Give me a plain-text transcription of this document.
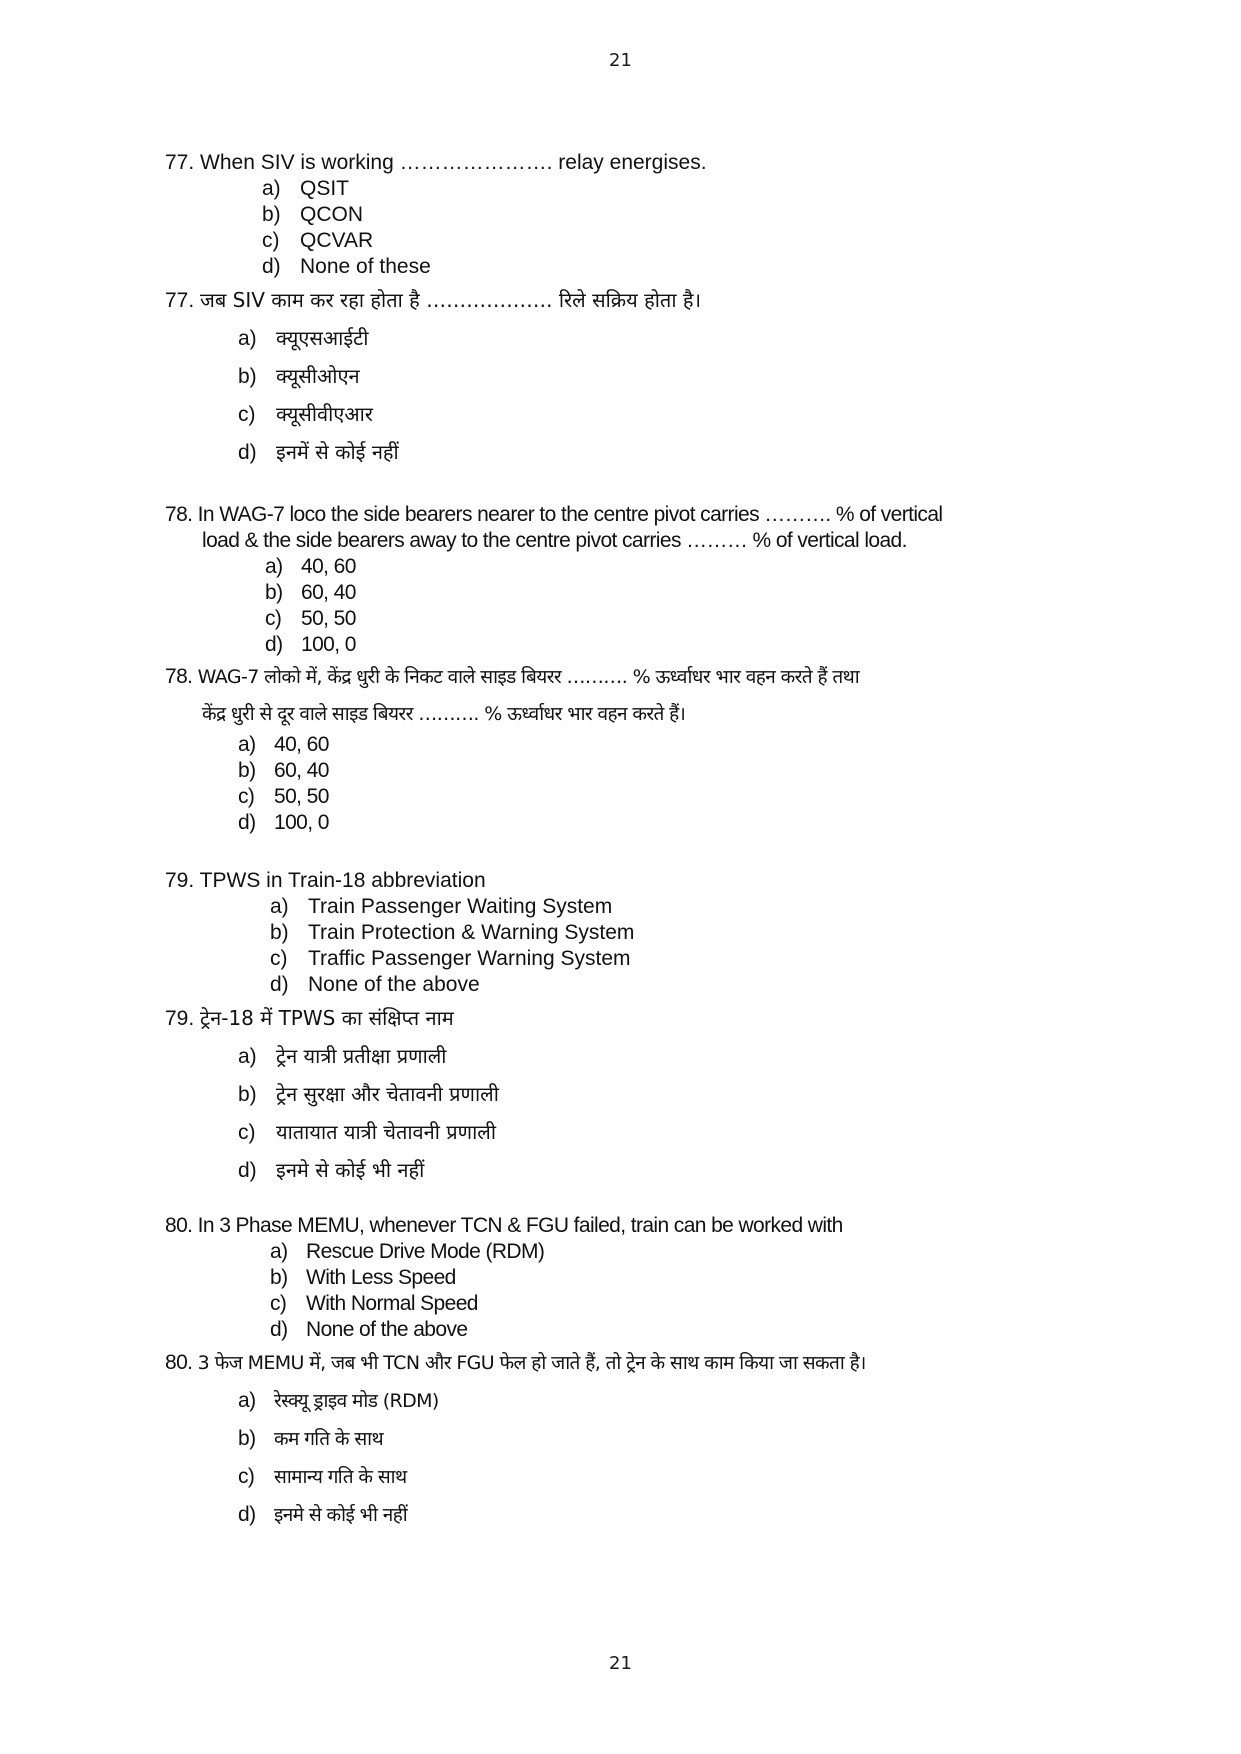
21
77. When SIV is working …………………. relay energises.
a) QSIT
b) QCON
c) QCVAR
d) None of these
77. जब SIV काम कर रहा होता है ………………. रिले सक्रिय होता है।
a) क्यूएसआईटी
b) क्यूसीओएन
c) क्यूसीवीएआर
d) इनमें से कोई नहीं
78. In WAG-7 loco the side bearers nearer to the centre pivot carries ………. % of vertical
load & the side bearers away to the centre pivot carries ……… % of vertical load.
a) 40, 60
b) 60, 40
c) 50, 50
d) 100, 0
78. WAG-7 लोको में, केंद्र धुरी के निकट वाले साइड बियरर ………. % ऊर्ध्वाधर भार वहन करते हैं तथा
केंद्र धुरी से दूर वाले साइड बियरर ………. % ऊर्ध्वाधर भार वहन करते हैं।
a) 40, 60
b) 60, 40
c) 50, 50
d) 100, 0
79. TPWS in Train-18 abbreviation
a) Train Passenger Waiting System
b) Train Protection & Warning System
c) Traffic Passenger Warning System
d) None of the above
79. ट्रेन-18 में TPWS का संक्षिप्त नाम
a) ट्रेन यात्री प्रतीक्षा प्रणाली
b) ट्रेन सुरक्षा और चेतावनी प्रणाली
c) यातायात यात्री चेतावनी प्रणाली
d) इनमे से कोई भी नहीं
80. In 3 Phase MEMU, whenever TCN & FGU failed, train can be worked with
a) Rescue Drive Mode (RDM)
b) With Less Speed
c) With Normal Speed
d) None of the above
80. 3 फेज MEMU में, जब भी TCN और FGU फेल हो जाते हैं, तो ट्रेन के साथ काम किया जा सकता है।
a) रेस्क्यू ड्राइव मोड (RDM)
b) कम गति के साथ
c) सामान्य गति के साथ
d) इनमे से कोई भी नहीं
21
